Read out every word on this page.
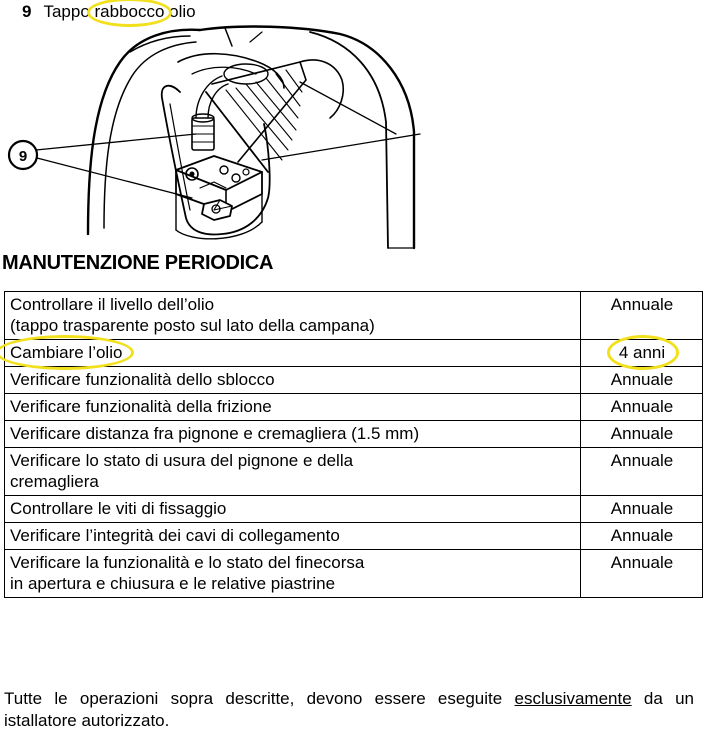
9 Tappo rabbocco olio
9
MANUTENZIONE PERIODICA
Controllare il livello dell’olio
(tappo trasparente posto sul lato della campana)	Annuale
Cambiare l’olio	4 anni
Verificare funzionalità dello sblocco	Annuale
Verificare funzionalità della frizione	Annuale
Verificare distanza fra pignone e cremagliera (1.5 mm)	Annuale
Verificare lo stato di usura del pignone e della
cremagliera	Annuale
Controllare le viti di fissaggio	Annuale
Verificare l’integrità dei cavi di collegamento	Annuale
Verificare la funzionalità e lo stato del finecorsa
in apertura e chiusura e le relative piastrine	Annuale
Tutte le operazioni sopra descritte, devono essere eseguite esclusivamente da un istallatore autorizzato.
